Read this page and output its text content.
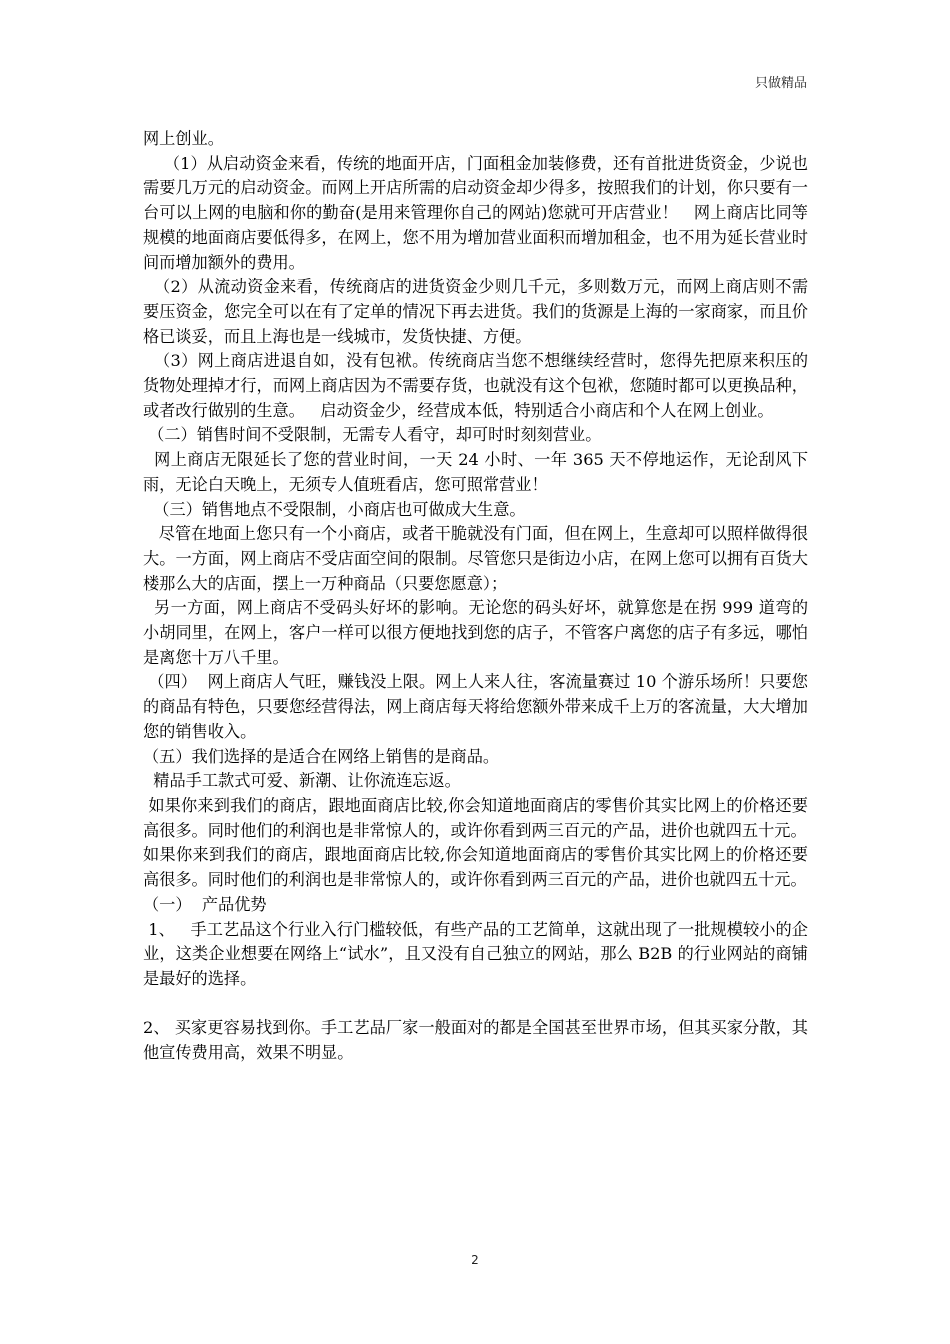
只做精品

网上创业。

（1）从启动资金来看，传统的地面开店，门面租金加装修费，还有首批进货资金，少说也需要几万元的启动资金。而网上开店所需的启动资金却少得多，按照我们的计划，你只要有一台可以上网的电脑和你的勤奋(是用来管理你自己的网站)您就可开店营业！   网上商店比同等规模的地面商店要低得多，在网上，您不用为增加营业面积而增加租金，也不用为延长营业时间而增加额外的费用。

（2）从流动资金来看，传统商店的进货资金少则几千元，多则数万元，而网上商店则不需要压资金，您完全可以在有了定单的情况下再去进货。我们的货源是上海的一家商家，而且价格已谈妥，而且上海也是一线城市，发货快捷、方便。

（3）网上商店进退自如，没有包袱。传统商店当您不想继续经营时，您得先把原来积压的货物处理掉才行，而网上商店因为不需要存货，也就没有这个包袱，您随时都可以更换品种，或者改行做别的生意。   启动资金少，经营成本低，特别适合小商店和个人在网上创业。

（二）销售时间不受限制，无需专人看守，却可时时刻刻营业。

网上商店无限延长了您的营业时间，一天 24 小时、一年 365 天不停地运作，无论刮风下雨，无论白天晚上，无须专人值班看店，您可照常营业！

（三）销售地点不受限制，小商店也可做成大生意。

尽管在地面上您只有一个小商店，或者干脆就没有门面，但在网上，生意却可以照样做得很大。一方面，网上商店不受店面空间的限制。尽管您只是街边小店，在网上您可以拥有百货大楼那么大的店面，摆上一万种商品（只要您愿意）；

另一方面，网上商店不受码头好坏的影响。无论您的码头好坏，就算您是在拐 999 道弯的小胡同里，在网上，客户一样可以很方便地找到您的店子，不管客户离您的店子有多远，哪怕是离您十万八千里。

（四）  网上商店人气旺，赚钱没上限。网上人来人往，客流量赛过 10 个游乐场所！只要您的商品有特色，只要您经营得法，网上商店每天将给您额外带来成千上万的客流量，大大增加您的销售收入。

（五）我们选择的是适合在网络上销售的是商品。

精品手工款式可爱、新潮、让你流连忘返。

如果你来到我们的商店，跟地面商店比较,你会知道地面商店的零售价其实比网上的价格还要高很多。同时他们的利润也是非常惊人的，或许你看到两三百元的产品，进价也就四五十元。

如果你来到我们的商店，跟地面商店比较,你会知道地面商店的零售价其实比网上的价格还要高很多。同时他们的利润也是非常惊人的，或许你看到两三百元的产品，进价也就四五十元。

（一）  产品优势

1、   手工艺品这个行业入行门槛较低，有些产品的工艺简单，这就出现了一批规模较小的企业，这类企业想要在网络上“试水”，且又没有自己独立的网站，那么 B2B 的行业网站的商铺是最好的选择。

2、 买家更容易找到你。手工艺品厂家一般面对的都是全国甚至世界市场，但其买家分散，其他宣传费用高，效果不明显。

2
